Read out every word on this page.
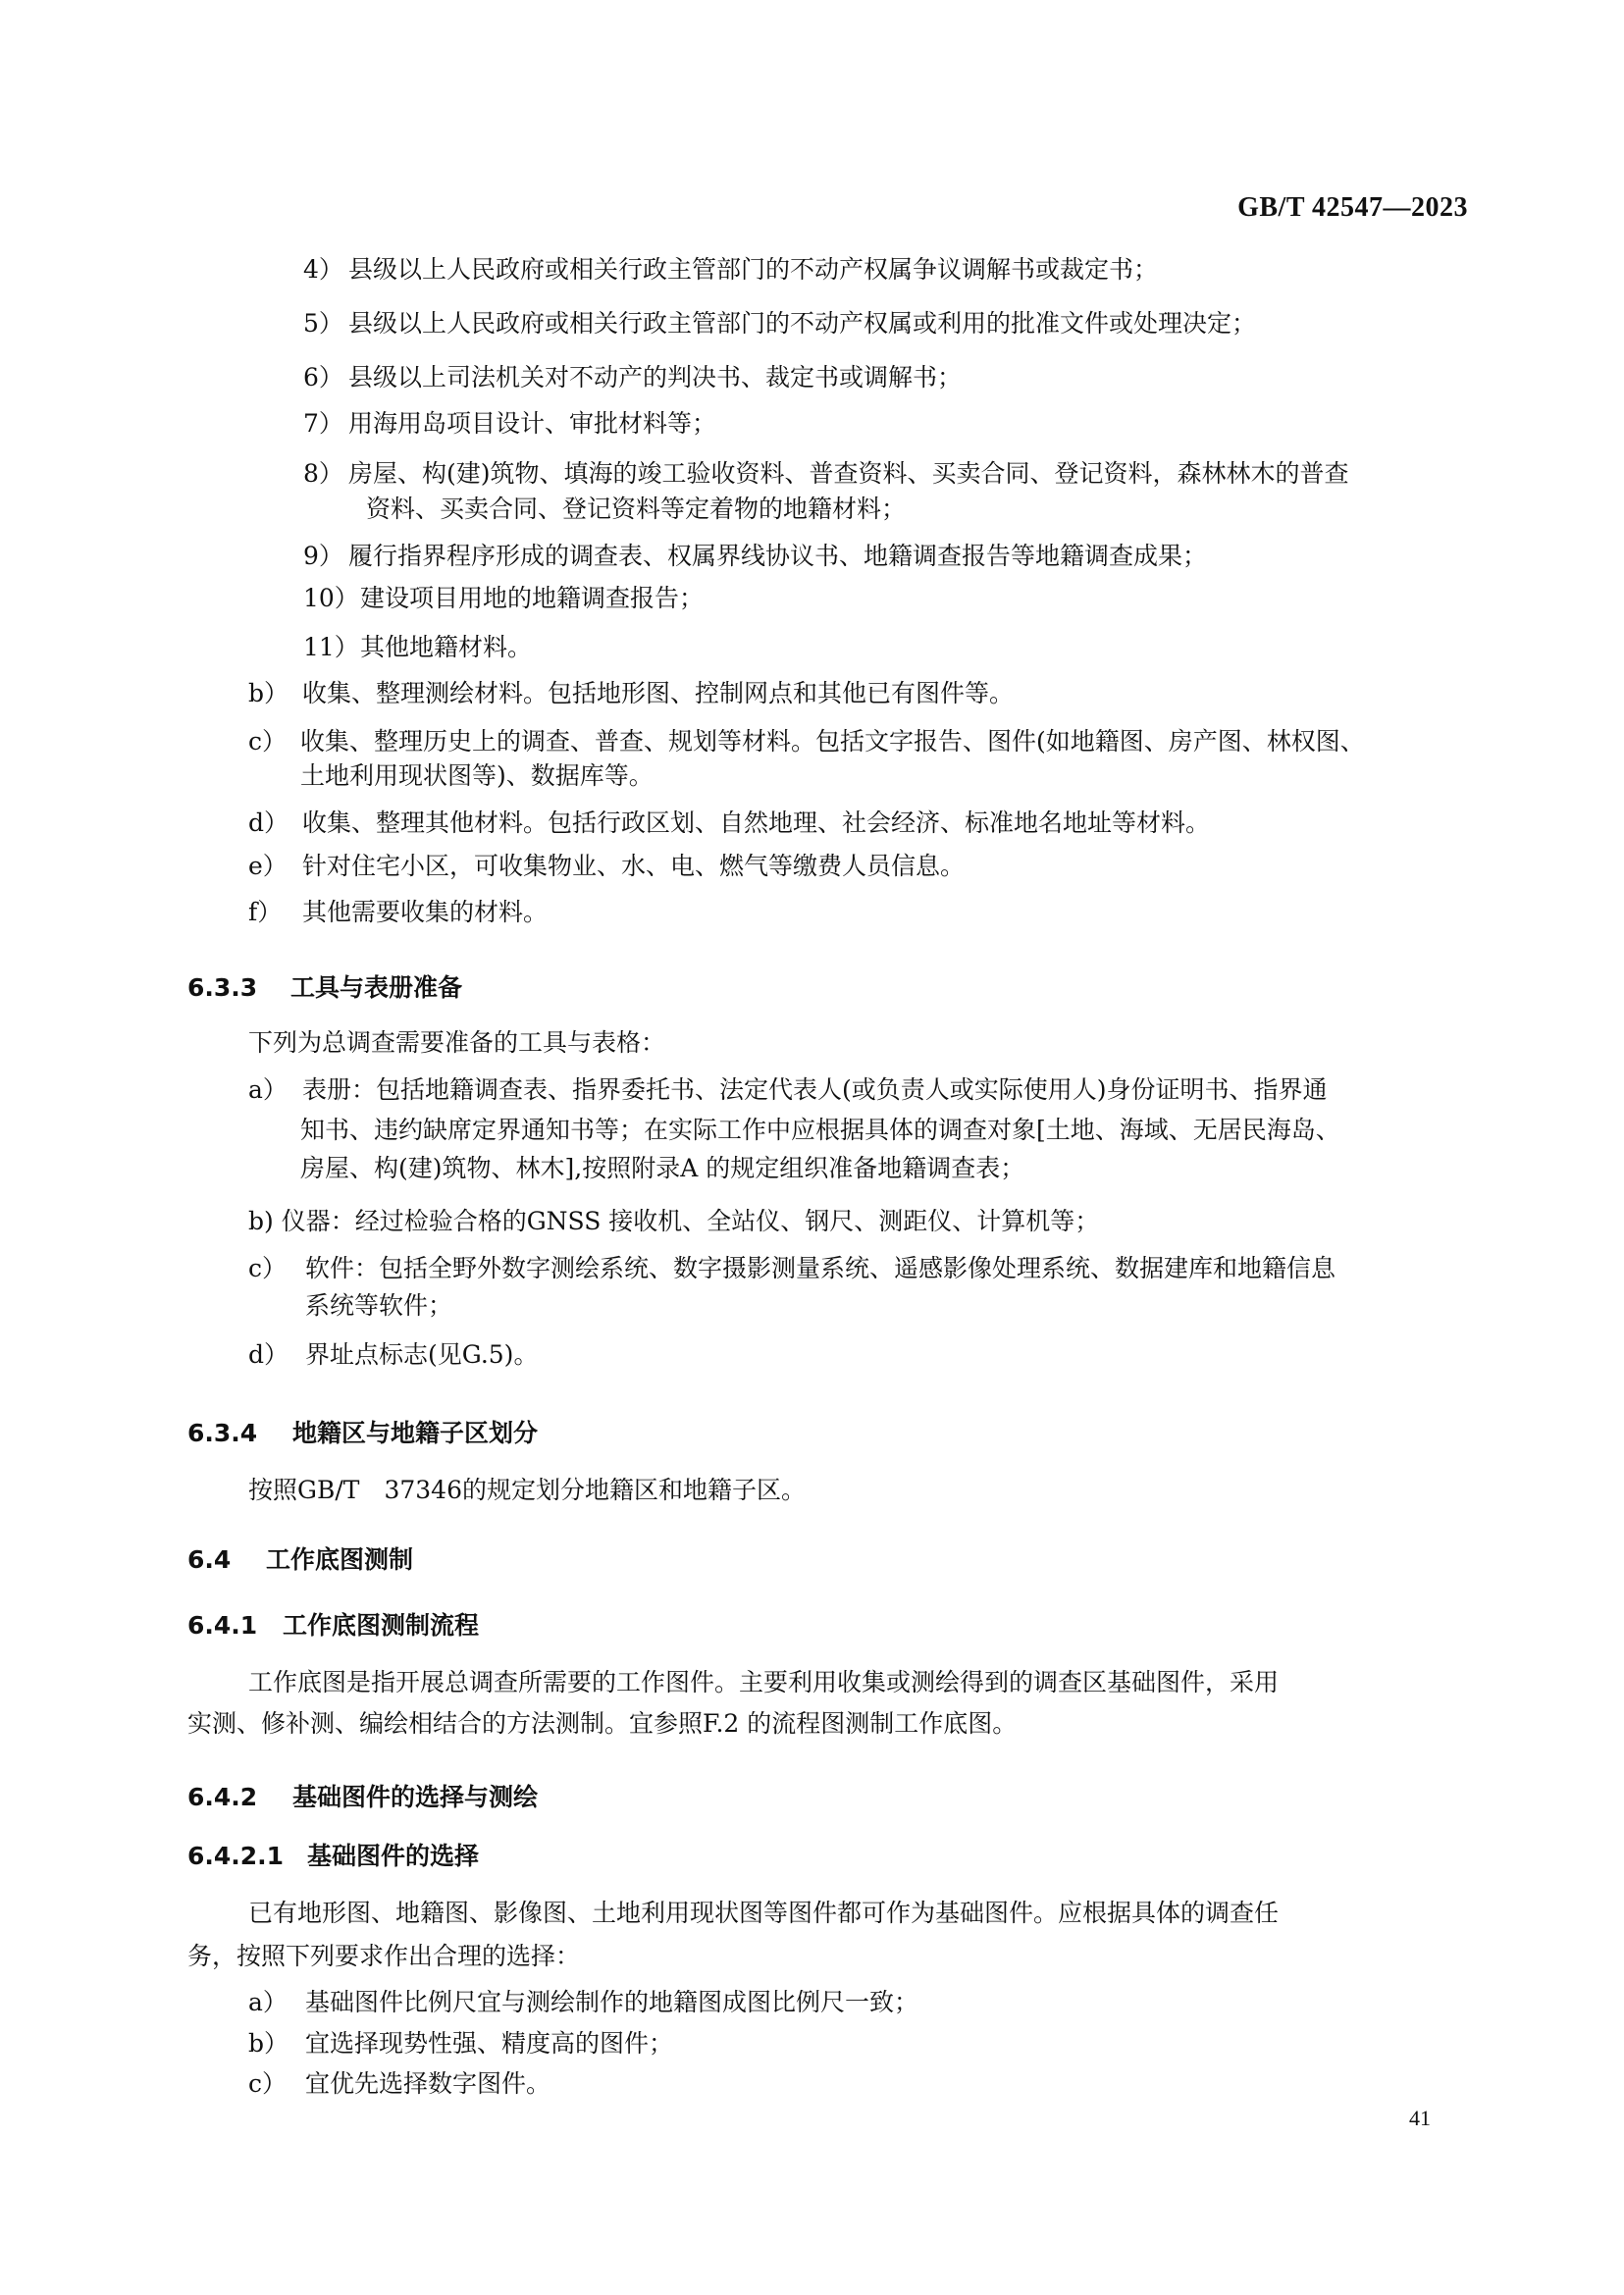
GB/T 42547—2023
4） 县级以上人民政府或相关行政主管部门的不动产权属争议调解书或裁定书；
5） 县级以上人民政府或相关行政主管部门的不动产权属或利用的批准文件或处理决定；
6） 县级以上司法机关对不动产的判决书、裁定书或调解书；
7） 用海用岛项目设计、审批材料等；
8） 房屋、构(建)筑物、填海的竣工验收资料、普查资料、买卖合同、登记资料，森林林木的普查
资料、买卖合同、登记资料等定着物的地籍材料；
9） 履行指界程序形成的调查表、权属界线协议书、地籍调查报告等地籍调查成果；
10）建设项目用地的地籍调查报告；
11）其他地籍材料。
b） 收集、整理测绘材料。包括地形图、控制网点和其他已有图件等。
c） 收集、整理历史上的调查、普查、规划等材料。包括文字报告、图件(如地籍图、房产图、林权图、
土地利用现状图等)、数据库等。
d） 收集、整理其他材料。包括行政区划、自然地理、社会经济、标准地名地址等材料。
e） 针对住宅小区，可收集物业、水、电、燃气等缴费人员信息。
f） 其他需要收集的材料。
6.3.3 工具与表册准备
下列为总调查需要准备的工具与表格：
a） 表册：包括地籍调查表、指界委托书、法定代表人(或负责人或实际使用人)身份证明书、指界通
知书、违约缺席定界通知书等；在实际工作中应根据具体的调查对象[土地、海域、无居民海岛、
房屋、构(建)筑物、林木],按照附录A 的规定组织准备地籍调查表；
b) 仪器：经过检验合格的GNSS 接收机、全站仪、钢尺、测距仪、计算机等；
c） 软件：包括全野外数字测绘系统、数字摄影测量系统、遥感影像处理系统、数据建库和地籍信息
系统等软件；
d） 界址点标志(见G.5)。
6.3.4 地籍区与地籍子区划分
按照GB/T　37346的规定划分地籍区和地籍子区。
6.4 工作底图测制
6.4.1 工作底图测制流程
工作底图是指开展总调查所需要的工作图件。主要利用收集或测绘得到的调查区基础图件，采用
实测、修补测、编绘相结合的方法测制。宜参照F.2 的流程图测制工作底图。
6.4.2 基础图件的选择与测绘
6.4.2.1 基础图件的选择
已有地形图、地籍图、影像图、土地利用现状图等图件都可作为基础图件。应根据具体的调查任
务，按照下列要求作出合理的选择：
a） 基础图件比例尺宜与测绘制作的地籍图成图比例尺一致；
b） 宜选择现势性强、精度高的图件；
c） 宜优先选择数字图件。
41
